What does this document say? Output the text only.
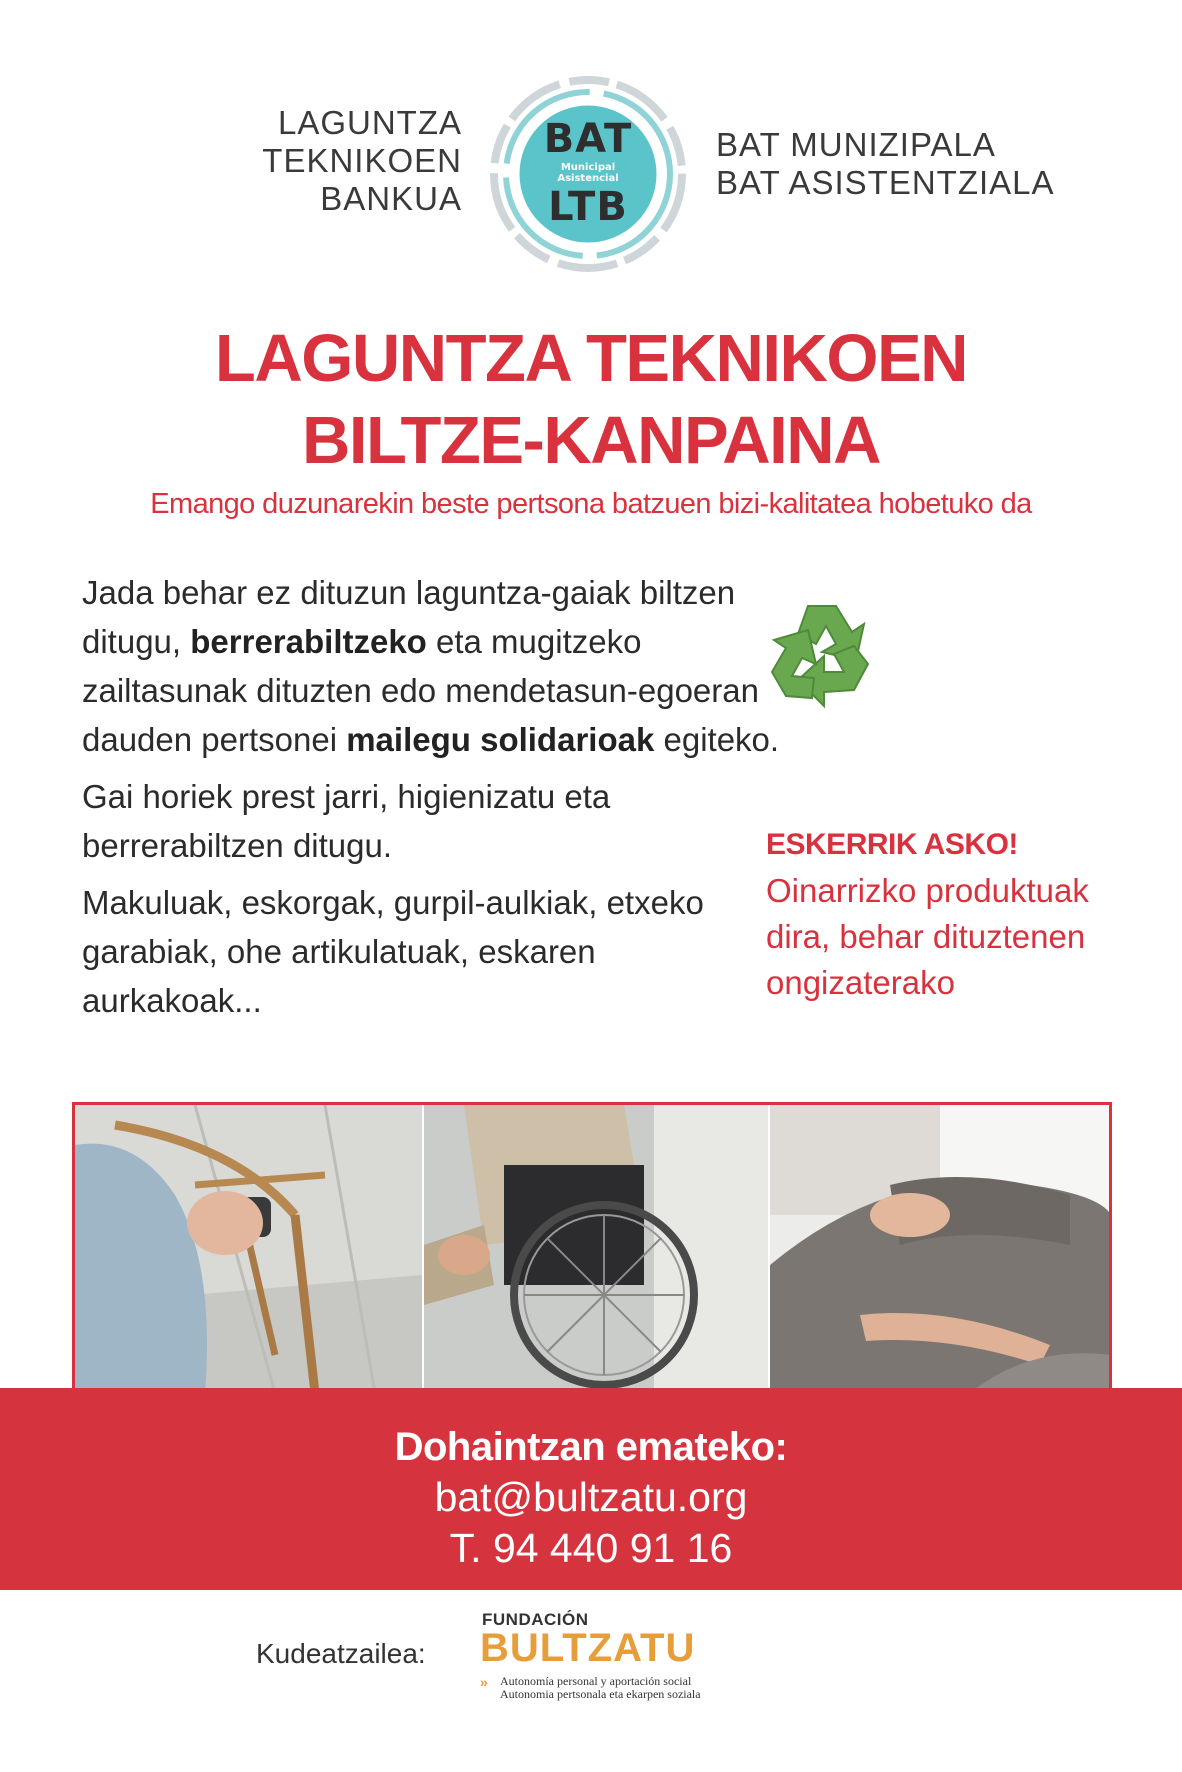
LAGUNTZA
TEKNIKOEN
BANKUA
BAT
Municipal
Asistencial
LTB
BAT MUNIZIPALA
BAT ASISTENTZIALA
LAGUNTZA TEKNIKOEN
BILTZE-KANPAINA
Emango duzunarekin beste pertsona batzuen bizi-kalitatea hobetuko da

Jada behar ez dituzun laguntza-gaiak biltzen ditugu, berrerabiltzeko eta mugitzeko zailtasunak dituzten edo mendetasun-egoeran dauden pertsonei mailegu solidarioak egiteko.

Gai horiek prest jarri, higienizatu eta berrerabiltzen ditugu.

Makuluak, eskorgak, gurpil-aulkiak, etxeko garabiak, ohe artikulatuak, eskaren aurkakoak...

ESKERRIK ASKO!
Oinarrizko produktuak dira, behar dituztenen ongizaterako
Dohaintzan emateko:
bat@bultzatu.org
T. 94 440 91 16
Kudeatzailea:
FUNDACIÓN
BULTZATU
» Autonomía personal y aportación social
Autonomia pertsonala eta ekarpen soziala
